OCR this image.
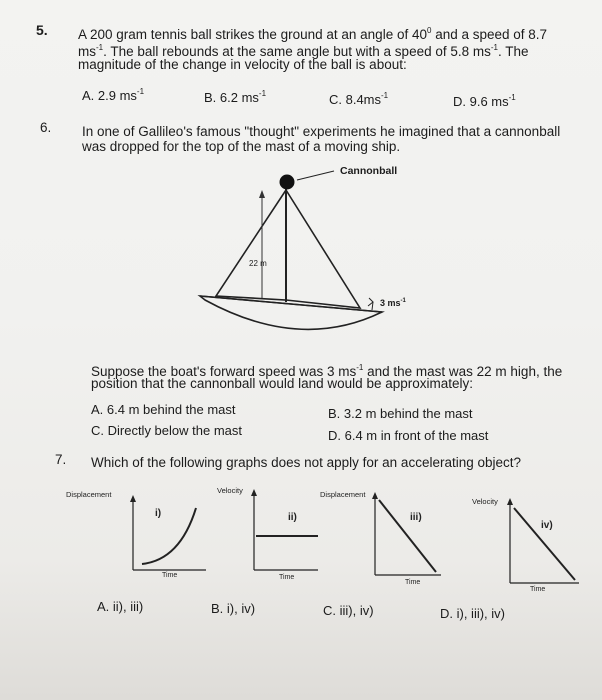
5. A 200 gram tennis ball strikes the ground at an angle of $40^0$ and a speed of 8.7
$ms^{-1}$. The ball rebounds at the same angle but with a speed of 5.8 $ms^{-1}$. The
magnitude of the change in velocity of the ball is about:
A. 2.9 $ms^{-1}$	B. 6.2 $ms^{-1}$	C. $8.4ms^{-1}$	D. 9.6 $ms^{-1}$
6. In one of Gallileo's famous "thought" experiments he imagined that a cannonball
was dropped for the top of the mast of a moving ship.
Cannonball
22 m
3 $ms^{-1}$
Suppose the boat's forward speed was 3 $ms^{-1}$ and the mast was 22 m high, the
position that the cannonball would land would be approximately:
A. 6.4 m behind the mast	B. 3.2 m behind the mast
C. Directly below the mast	D. 6.4 m in front of the mast
7. Which of the following graphs does not apply for an accelerating object?
Displacement
Time
i)
Velocity
Time
ii)
Displacement
Time
iii)
Velocity
Time
iv)
A. ii), iii)	B. i), iv)	C. iii), iv)	D. i), iii), iv)
